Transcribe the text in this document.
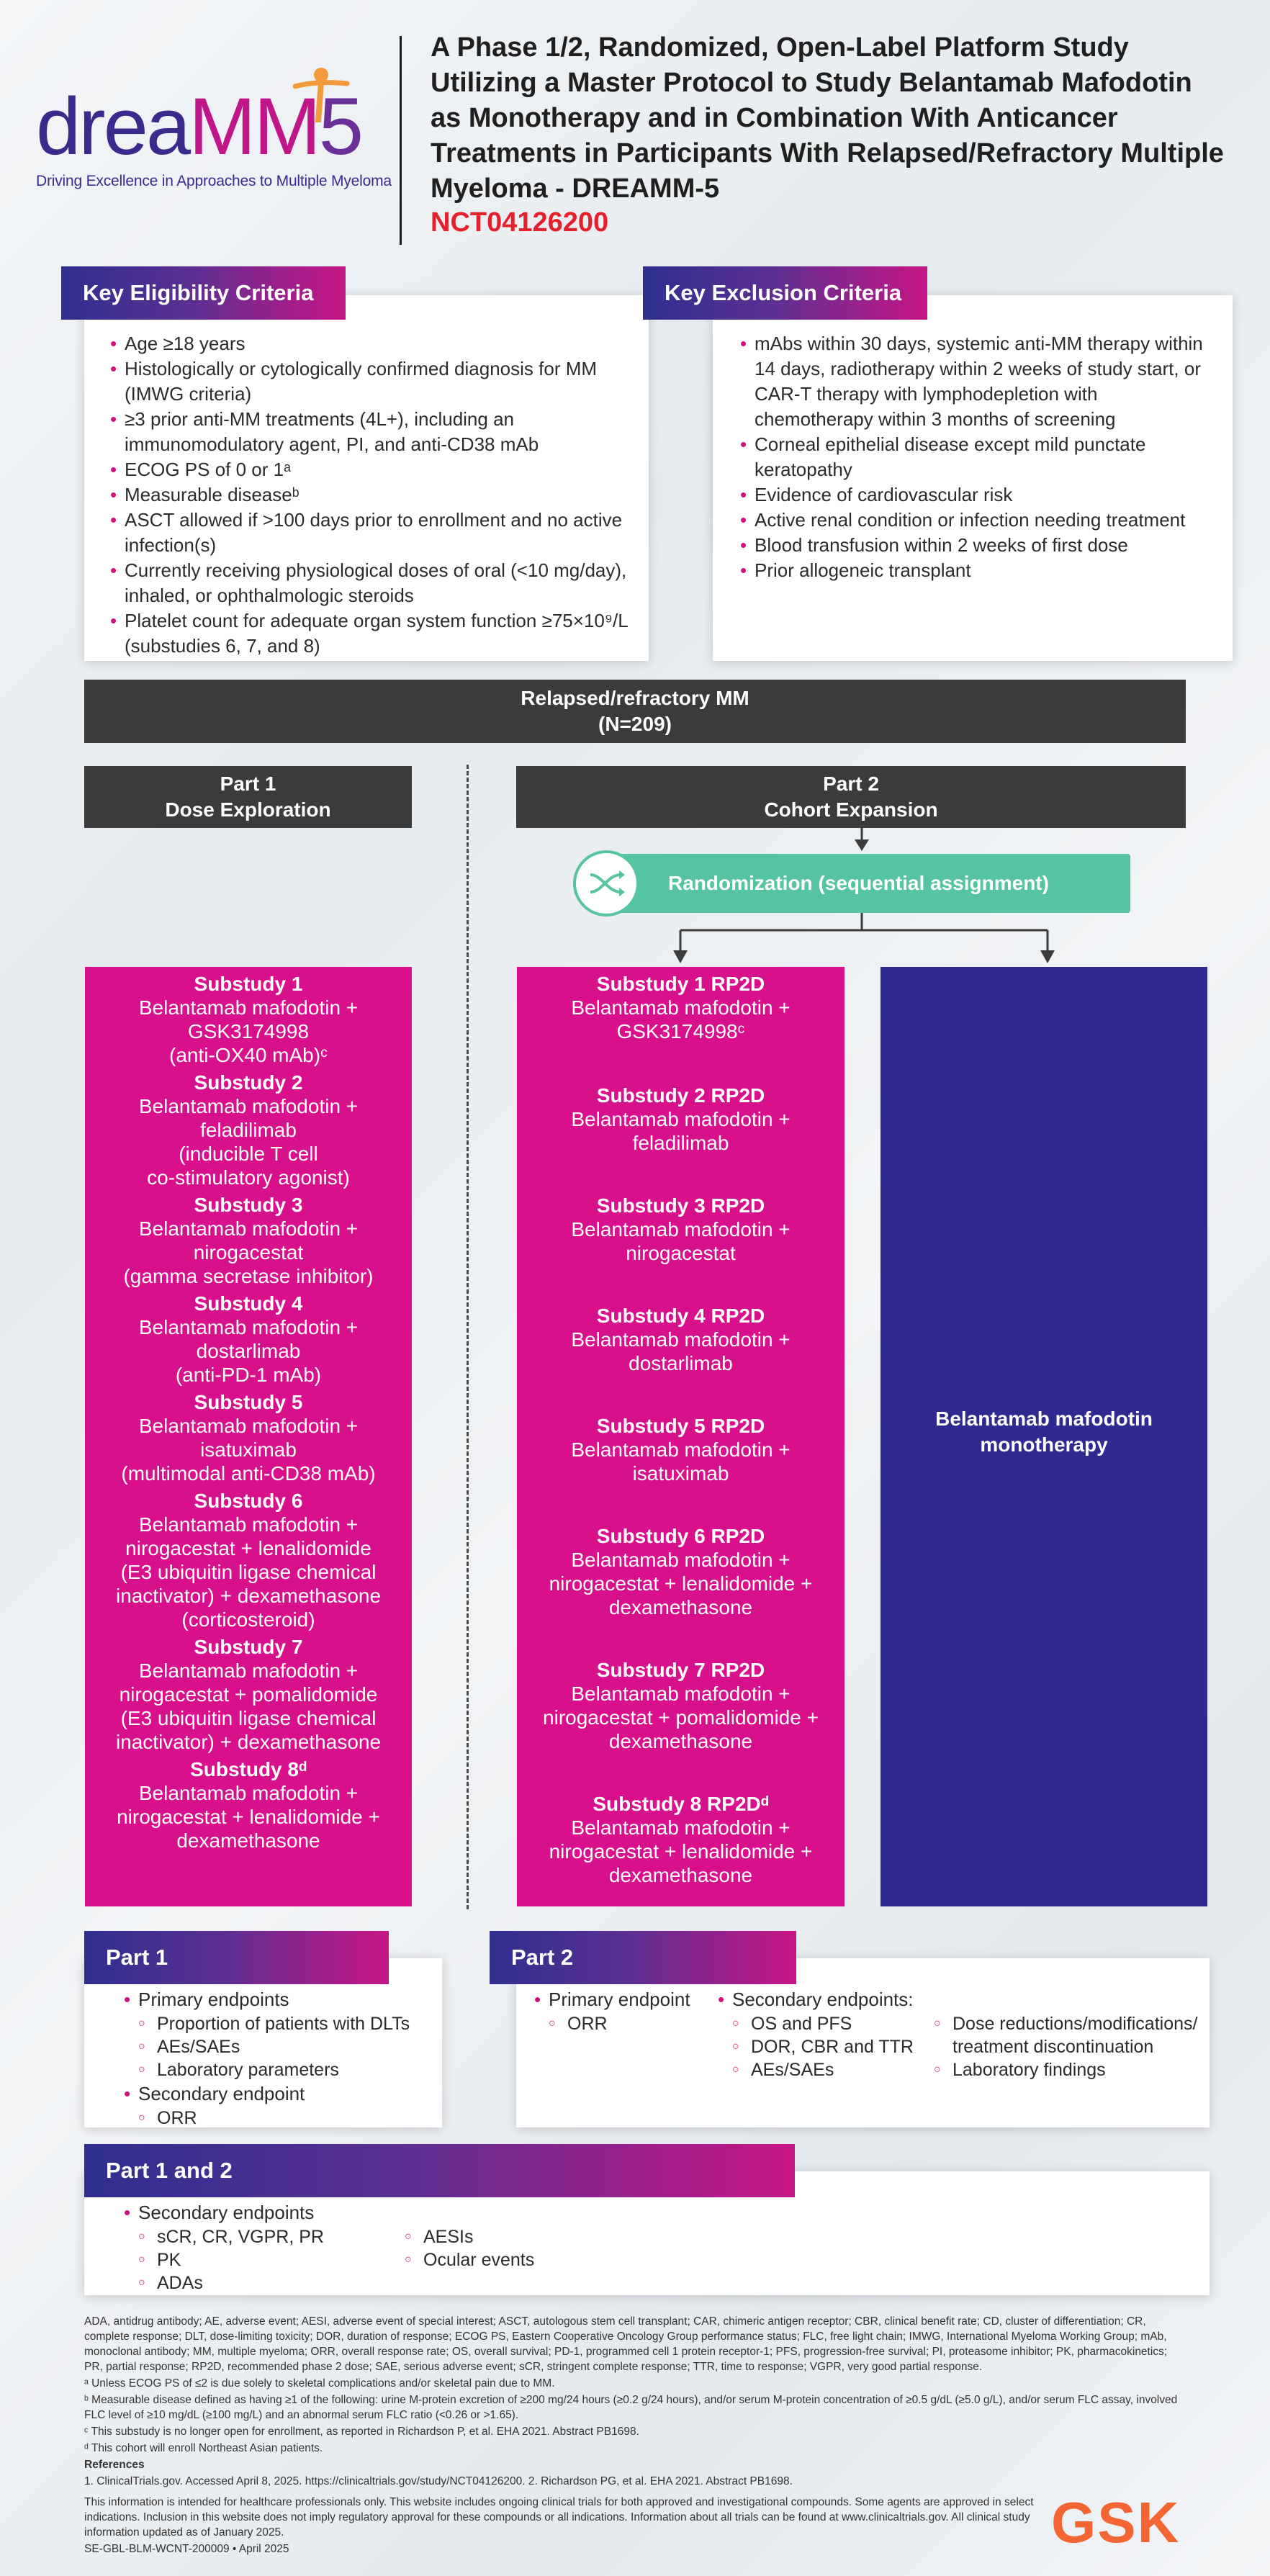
dreaMM5
Driving Excellence in Approaches to Multiple Myeloma
A Phase 1/2, Randomized, Open-Label Platform Study Utilizing a Master Protocol to Study Belantamab Mafodotin as Monotherapy and in Combination With Anticancer Treatments in Participants With Relapsed/Refractory Multiple Myeloma - DREAMM-5
NCT04126200
• Age ≥18 years
• Histologically or cytologically confirmed diagnosis for MM (IMWG criteria)
• ≥3 prior anti-MM treatments (4L+), including an immunomodulatory agent, PI, and anti-CD38 mAb
• ECOG PS of 0 or 1ᵃ
• Measurable diseaseᵇ
• ASCT allowed if >100 days prior to enrollment and no active infection(s)
• Currently receiving physiological doses of oral (<10 mg/day), inhaled, or ophthalmologic steroids
• Platelet count for adequate organ system function ≥75×10⁹/L (substudies 6, 7, and 8)
Key Eligibility Criteria
• mAbs within 30 days, systemic anti-MM therapy within 14 days, radiotherapy within 2 weeks of study start, or CAR-T therapy with lymphodepletion with chemotherapy within 3 months of screening
• Corneal epithelial disease except mild punctate keratopathy
• Evidence of cardiovascular risk
• Active renal condition or infection needing treatment
• Blood transfusion within 2 weeks of first dose
• Prior allogeneic transplant
Key Exclusion Criteria
Relapsed/refractory MM
(N=209)
Part 1
Dose Exploration
Part 2
Cohort Expansion
Randomization (sequential assignment)
Substudy 1
Belantamab mafodotin +
GSK3174998
(anti-OX40 mAb)ᶜ
Substudy 2
Belantamab mafodotin +
feladilimab
(inducible T cell
co-stimulatory agonist)
Substudy 3
Belantamab mafodotin +
nirogacestat
(gamma secretase inhibitor)
Substudy 4
Belantamab mafodotin +
dostarlimab
(anti-PD-1 mAb)
Substudy 5
Belantamab mafodotin +
isatuximab
(multimodal anti-CD38 mAb)
Substudy 6
Belantamab mafodotin +
nirogacestat + lenalidomide
(E3 ubiquitin ligase chemical
inactivator) + dexamethasone
(corticosteroid)
Substudy 7
Belantamab mafodotin +
nirogacestat + pomalidomide
(E3 ubiquitin ligase chemical
inactivator) + dexamethasone
Substudy 8ᵈ
Belantamab mafodotin +
nirogacestat + lenalidomide +
dexamethasone
Substudy 1 RP2D
Belantamab mafodotin +
GSK3174998ᶜ
Substudy 2 RP2D
Belantamab mafodotin +
feladilimab
Substudy 3 RP2D
Belantamab mafodotin +
nirogacestat
Substudy 4 RP2D
Belantamab mafodotin +
dostarlimab
Substudy 5 RP2D
Belantamab mafodotin +
isatuximab
Substudy 6 RP2D
Belantamab mafodotin +
nirogacestat + lenalidomide +
dexamethasone
Substudy 7 RP2D
Belantamab mafodotin +
nirogacestat + pomalidomide +
dexamethasone
Substudy 8 RP2Dᵈ
Belantamab mafodotin +
nirogacestat + lenalidomide +
dexamethasone
Belantamab mafodotin
monotherapy
• Primary endpoints
○ Proportion of patients with DLTs
○ AEs/SAEs
○ Laboratory parameters
• Secondary endpoint
○ ORR
Part 1
• Primary endpoint
○ ORR
• Secondary endpoints:
○ OS and PFS
○ DOR, CBR and TTR
○ AEs/SAEs
○ Dose reductions/modifications/ treatment discontinuation
○ Laboratory findings
Part 2
• Secondary endpoints
○ sCR, CR, VGPR, PR
○ PK
○ ADAs
○ AESIs
○ Ocular events
Part 1 and 2

ADA, antidrug antibody; AE, adverse event; AESI, adverse event of special interest; ASCT, autologous stem cell transplant; CAR, chimeric antigen receptor; CBR, clinical benefit rate; CD, cluster of differentiation; CR, complete response; DLT, dose-limiting toxicity; DOR, duration of response; ECOG PS, Eastern Cooperative Oncology Group performance status; FLC, free light chain; IMWG, International Myeloma Working Group; mAb, monoclonal antibody; MM, multiple myeloma; ORR, overall response rate; OS, overall survival; PD-1, programmed cell 1 protein receptor-1; PFS, progression-free survival; PI, proteasome inhibitor; PK, pharmacokinetics; PR, partial response; RP2D, recommended phase 2 dose; SAE, serious adverse event; sCR, stringent complete response; TTR, time to response; VGPR, very good partial response.

ᵃ Unless ECOG PS of ≤2 is due solely to skeletal complications and/or skeletal pain due to MM.

ᵇ Measurable disease defined as having ≥1 of the following: urine M-protein excretion of ≥200 mg/24 hours (≥0.2 g/24 hours), and/or serum M-protein concentration of ≥0.5 g/dL (≥5.0 g/L), and/or serum FLC assay, involved FLC level of ≥10 mg/dL (≥100 mg/L) and an abnormal serum FLC ratio (<0.26 or >1.65).

ᶜ This substudy is no longer open for enrollment, as reported in Richardson P, et al. EHA 2021. Abstract PB1698.

ᵈ This cohort will enroll Northeast Asian patients.

References

1. ClinicalTrials.gov. Accessed April 8, 2025. https://clinicaltrials.gov/study/NCT04126200. 2. Richardson PG, et al. EHA 2021. Abstract PB1698.

This information is intended for healthcare professionals only. This website includes ongoing clinical trials for both approved and investigational compounds. Some agents are approved in select indications. Inclusion in this website does not imply regulatory approval for these compounds or all indications. Information about all trials can be found at www.clinicaltrials.gov. All clinical study information updated as of January 2025.

SE-GBL-BLM-WCNT-200009 • April 2025	GSK
